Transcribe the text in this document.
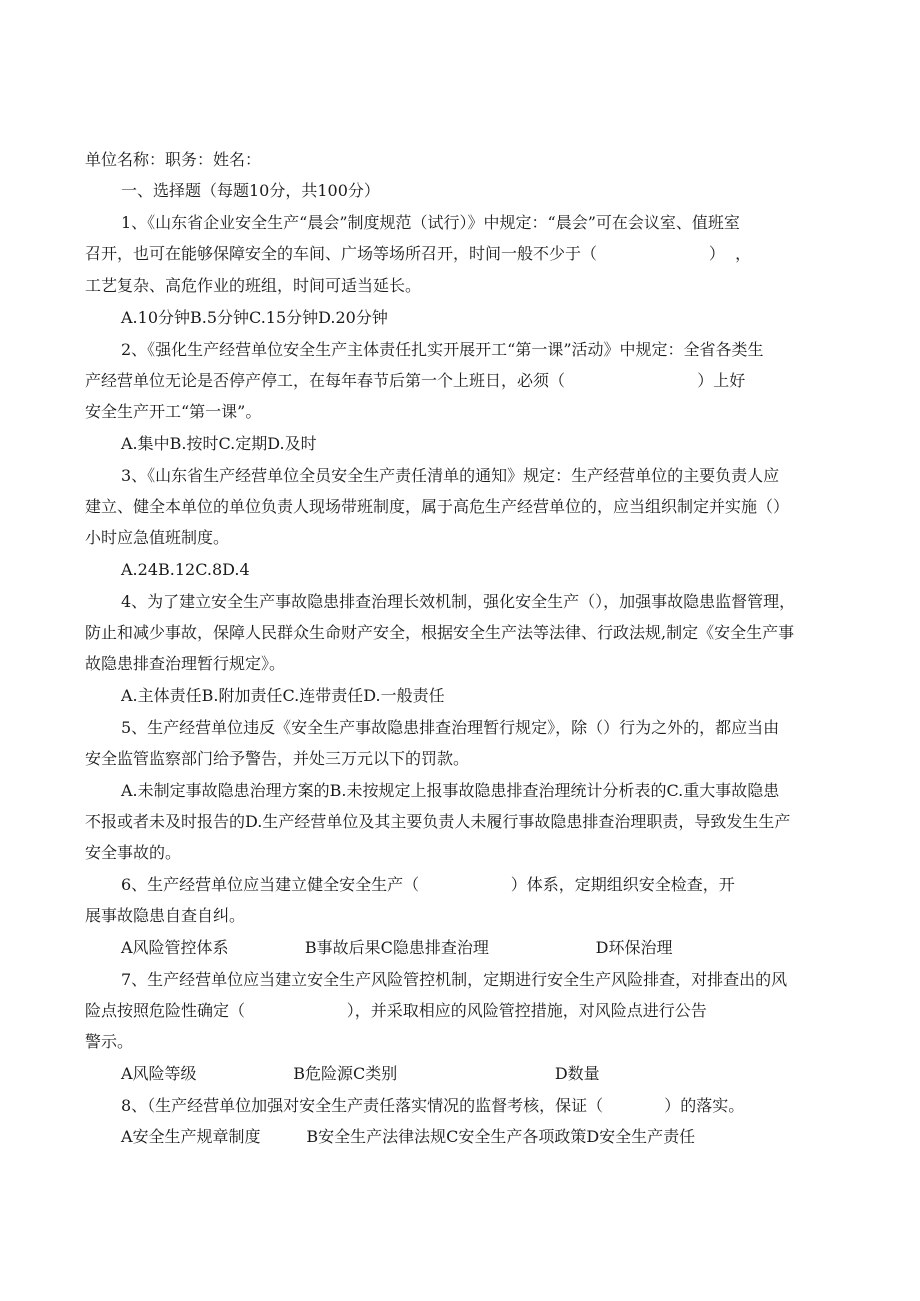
单位名称：职务：姓名：
一、选择题（每题10分，共100分）
1、《山东省企业安全生产“晨会”制度规范（试行）》中规定：“晨会”可在会议室、值班室
召开，也可在能够保障安全的车间、广场等场所召开，时间一般不少于（                      ）  ，
工艺复杂、高危作业的班组，时间可适当延长。
A.10分钟B.5分钟C.15分钟D.20分钟
2、《强化生产经营单位安全生产主体责任扎实开展开工“第一课”活动》中规定：全省各类生
产经营单位无论是否停产停工，在每年春节后第一个上班日，必须（                          ）上好
安全生产开工“第一课”。
A.集中B.按时C.定期D.及时
3、《山东省生产经营单位全员安全生产责任清单的通知》规定：生产经营单位的主要负责人应
建立、健全本单位的单位负责人现场带班制度，属于高危生产经营单位的，应当组织制定并实施（）
小时应急值班制度。
A.24B.12C.8D.4
4、为了建立安全生产事故隐患排查治理长效机制，强化安全生产（），加强事故隐患监督管理，
防止和减少事故，保障人民群众生命财产安全，根据安全生产法等法律、行政法规,制定《安全生产事
故隐患排查治理暂行规定》。
A.主体责任B.附加责任C.连带责任D.一般责任
5、生产经营单位违反《安全生产事故隐患排查治理暂行规定》，除（）行为之外的，都应当由
安全监管监察部门给予警告，并处三万元以下的罚款。
A.未制定事故隐患治理方案的B.未按规定上报事故隐患排查治理统计分析表的C.重大事故隐患
不报或者未及时报告的D.生产经营单位及其主要负责人未履行事故隐患排查治理职责，导致发生生产
安全事故的。
6、生产经营单位应当建立健全安全生产（                  ）体系，定期组织安全检查，开
展事故隐患自查自纠。
A风险管控体系               B事故后果C隐患排查治理                     D环保治理
7、生产经营单位应当建立安全生产风险管控机制，定期进行安全生产风险排查，对排查出的风
险点按照危险性确定（                    ），并采取相应的风险管控措施，对风险点进行公告
警示。
A风险等级                   B危险源C类别                               D数量
8、（生产经营单位加强对安全生产责任落实情况的监督考核，保证（            ）的落实。
A安全生产规章制度         B安全生产法律法规C安全生产各项政策D安全生产责任
